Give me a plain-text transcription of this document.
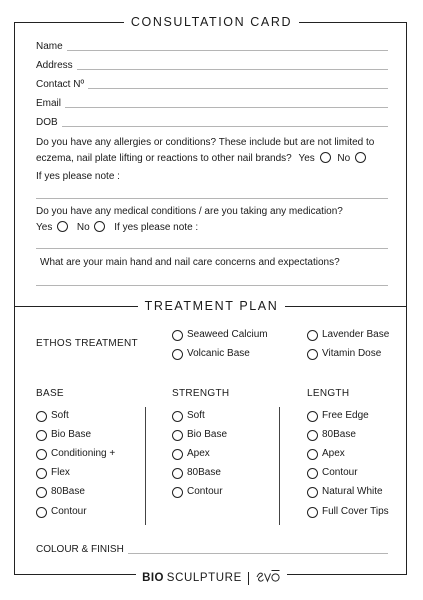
CONSULTATION CARD
Name
Address
Contact Nº
Email
DOB
Do you have any allergies or conditions? These include but are not limited to
eczema, nail plate lifting or reactions to other nail brands? Yes No
If yes please note :
Do you have any medical conditions / are you taking any medication?
Yes No If yes please note :
What are your main hand and nail care concerns and expectations?
TREATMENT PLAN
ETHOS TREATMENT
Seaweed Calcium
Volcanic Base
Lavender Base
Vitamin Dose
BASE	STRENGTH	LENGTH
Soft
Bio Base
Conditioning +
Flex
80Base
Contour
Soft
Bio Base
Apex
80Base
Contour
Free Edge
80Base
Apex
Contour
Natural White
Full Cover Tips
COLOUR & FINISH
BIO SCULPTURE
